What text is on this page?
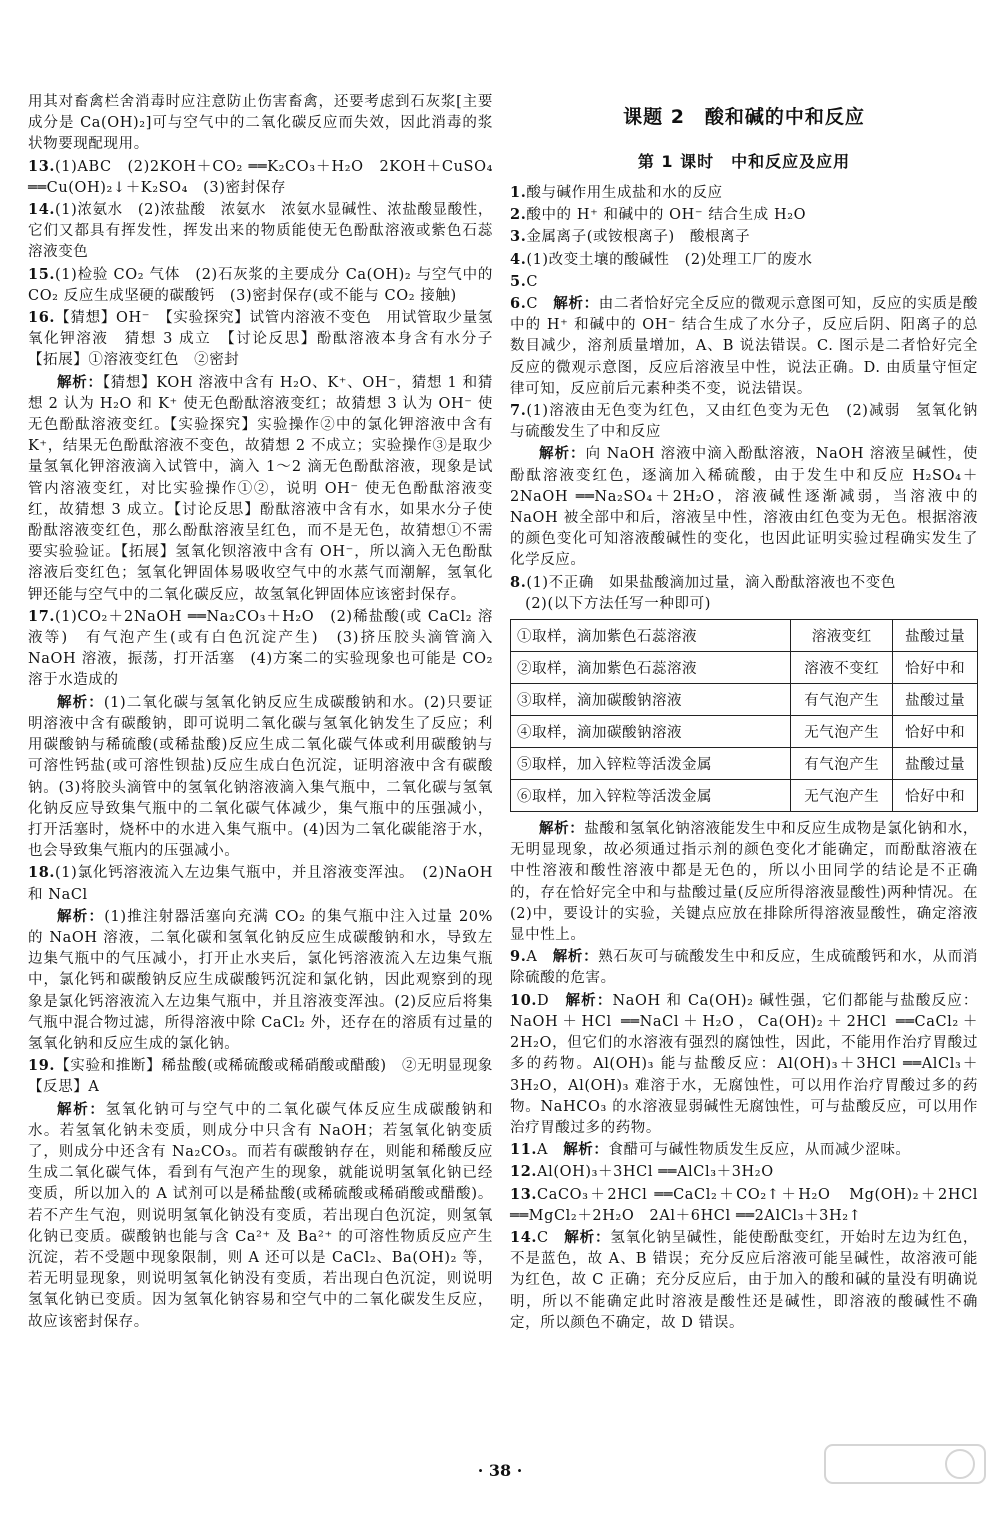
用其对畜禽栏舍消毒时应注意防止伤害畜禽，还要考虑到石灰浆[主要成分是 Ca(OH)₂]可与空气中的二氧化碳反应而失效，因此消毒的浆状物要现配现用。

13.(1)ABC　(2)2KOH＋CO₂ ══K₂CO₃＋H₂O　2KOH＋CuSO₄ ══Cu(OH)₂↓＋K₂SO₄　(3)密封保存

14.(1)浓氨水　(2)浓盐酸　浓氨水　浓氨水显碱性、浓盐酸显酸性，它们又都具有挥发性，挥发出来的物质能使无色酚酞溶液或紫色石蕊溶液变色

15.(1)检验 CO₂ 气体　(2)石灰浆的主要成分 Ca(OH)₂ 与空气中的 CO₂ 反应生成坚硬的碳酸钙　(3)密封保存(或不能与 CO₂ 接触)

16.【猜想】OH⁻　【实验探究】试管内溶液不变色　用试管取少量氢氧化钾溶液　猜想 3 成立　【讨论反思】酚酞溶液本身含有水分子　【拓展】①溶液变红色　②密封

解析：【猜想】KOH 溶液中含有 H₂O、K⁺、OH⁻，猜想 1 和猜想 2 认为 H₂O 和 K⁺ 使无色酚酞溶液变红；故猜想 3 认为 OH⁻ 使无色酚酞溶液变红。【实验探究】实验操作②中的氯化钾溶液中含有 K⁺，结果无色酚酞溶液不变色，故猜想 2 不成立；实验操作③是取少量氢氧化钾溶液滴入试管中，滴入 1～2 滴无色酚酞溶液，现象是试管内溶液变红，对比实验操作①②，说明 OH⁻ 使无色酚酞溶液变红，故猜想 3 成立。【讨论反思】酚酞溶液中含有水，如果水分子使酚酞溶液变红色，那么酚酞溶液呈红色，而不是无色，故猜想①不需要实验验证。【拓展】氢氧化钡溶液中含有 OH⁻，所以滴入无色酚酞溶液后变红色；氢氧化钾固体易吸收空气中的水蒸气而潮解，氢氧化钾还能与空气中的二氧化碳反应，故氢氧化钾固体应该密封保存。

17.(1)CO₂＋2NaOH ══Na₂CO₃＋H₂O　(2)稀盐酸(或 CaCl₂ 溶液等)　有气泡产生(或有白色沉淀产生)　(3)挤压胶头滴管滴入 NaOH 溶液，振荡，打开活塞　(4)方案二的实验现象也可能是 CO₂ 溶于水造成的

解析：(1)二氧化碳与氢氧化钠反应生成碳酸钠和水。(2)只要证明溶液中含有碳酸钠，即可说明二氧化碳与氢氧化钠发生了反应；利用碳酸钠与稀硫酸(或稀盐酸)反应生成二氧化碳气体或利用碳酸钠与可溶性钙盐(或可溶性钡盐)反应生成白色沉淀，证明溶液中含有碳酸钠。(3)将胶头滴管中的氢氧化钠溶液滴入集气瓶中，二氧化碳与氢氧化钠反应导致集气瓶中的二氧化碳气体减少，集气瓶中的压强减小，打开活塞时，烧杯中的水进入集气瓶中。(4)因为二氧化碳能溶于水，也会导致集气瓶内的压强减小。

18.(1)氯化钙溶液流入左边集气瓶中，并且溶液变浑浊。　(2)NaOH 和 NaCl

解析：(1)推注射器活塞向充满 CO₂ 的集气瓶中注入过量 20% 的 NaOH 溶液，二氧化碳和氢氧化钠反应生成碳酸钠和水，导致左边集气瓶中的气压减小，打开止水夹后，氯化钙溶液流入左边集气瓶中，氯化钙和碳酸钠反应生成碳酸钙沉淀和氯化钠，因此观察到的现象是氯化钙溶液流入左边集气瓶中，并且溶液变浑浊。(2)反应后将集气瓶中混合物过滤，所得溶液中除 CaCl₂ 外，还存在的溶质有过量的氢氧化钠和反应生成的氯化钠。

19.【实验和推断】稀盐酸(或稀硫酸或稀硝酸或醋酸)　②无明显现象　【反思】A

解析：氢氧化钠可与空气中的二氧化碳气体反应生成碳酸钠和水。若氢氧化钠未变质，则成分中只含有 NaOH；若氢氧化钠变质了，则成分中还含有 Na₂CO₃。而若有碳酸钠存在，则能和稀酸反应生成二氧化碳气体，看到有气泡产生的现象，就能说明氢氧化钠已经变质，所以加入的 A 试剂可以是稀盐酸(或稀硫酸或稀硝酸或醋酸)。若不产生气泡，则说明氢氧化钠没有变质，若出现白色沉淀，则氢氧化钠已变质。碳酸钠也能与含 Ca²⁺ 及 Ba²⁺ 的可溶性物质反应产生沉淀，若不受题中现象限制，则 A 还可以是 CaCl₂、Ba(OH)₂ 等，若无明显现象，则说明氢氧化钠没有变质，若出现白色沉淀，则说明氢氧化钠已变质。因为氢氧化钠容易和空气中的二氧化碳发生反应，故应该密封保存。

课题 2　酸和碱的中和反应
第 1 课时　中和反应及应用

1.酸与碱作用生成盐和水的反应

2.酸中的 H⁺ 和碱中的 OH⁻ 结合生成 H₂O

3.金属离子(或铵根离子)　酸根离子

4.(1)改变土壤的酸碱性　(2)处理工厂的废水

5.C

6.C　解析：由二者恰好完全反应的微观示意图可知，反应的实质是酸中的 H⁺ 和碱中的 OH⁻ 结合生成了水分子，反应后阴、阳离子的总数目减少，溶剂质量增加，A、B 说法错误。C. 图示是二者恰好完全反应的微观示意图，反应后溶液呈中性，说法正确。D. 由质量守恒定律可知，反应前后元素种类不变，说法错误。

7.(1)溶液由无色变为红色，又由红色变为无色　(2)减弱　氢氧化钠与硫酸发生了中和反应

解析：向 NaOH 溶液中滴入酚酞溶液，NaOH 溶液呈碱性，使酚酞溶液变红色，逐滴加入稀硫酸，由于发生中和反应 H₂SO₄＋2NaOH ══Na₂SO₄＋2H₂O，溶液碱性逐渐减弱，当溶液中的 NaOH 被全部中和后，溶液呈中性，溶液由红色变为无色。根据溶液的颜色变化可知溶液酸碱性的变化，也因此证明实验过程确实发生了化学反应。

8.(1)不正确　如果盐酸滴加过量，滴入酚酞溶液也不变色

　(2)(以下方法任写一种即可)

①取样，滴加紫色石蕊溶液	溶液变红	盐酸过量
②取样，滴加紫色石蕊溶液	溶液不变红	恰好中和
③取样，滴加碳酸钠溶液	有气泡产生	盐酸过量
④取样，滴加碳酸钠溶液	无气泡产生	恰好中和
⑤取样，加入锌粒等活泼金属	有气泡产生	盐酸过量
⑥取样，加入锌粒等活泼金属	无气泡产生	恰好中和

解析：盐酸和氢氧化钠溶液能发生中和反应生成物是氯化钠和水，无明显现象，故必须通过指示剂的颜色变化才能确定，而酚酞溶液在中性溶液和酸性溶液中都是无色的，所以小田同学的结论是不正确的，存在恰好完全中和与盐酸过量(反应所得溶液显酸性)两种情况。在(2)中，要设计的实验，关键点应放在排除所得溶液显酸性，确定溶液显中性上。

9.A　解析：熟石灰可与硫酸发生中和反应，生成硫酸钙和水，从而消除硫酸的危害。

10.D　解析：NaOH 和 Ca(OH)₂ 碱性强，它们都能与盐酸反应：NaOH＋HCl ══NaCl＋H₂O，Ca(OH)₂＋2HCl ══CaCl₂＋2H₂O，但它们的水溶液有强烈的腐蚀性，因此，不能用作治疗胃酸过多的药物。Al(OH)₃ 能与盐酸反应：Al(OH)₃＋3HCl ══AlCl₃＋3H₂O，Al(OH)₃ 难溶于水，无腐蚀性，可以用作治疗胃酸过多的药物。NaHCO₃ 的水溶液显弱碱性无腐蚀性，可与盐酸反应，可以用作治疗胃酸过多的药物。

11.A　解析：食醋可与碱性物质发生反应，从而减少涩味。

12.Al(OH)₃＋3HCl ══AlCl₃＋3H₂O

13.CaCO₃＋2HCl ══CaCl₂＋CO₂↑＋H₂O　Mg(OH)₂＋2HCl ══MgCl₂＋2H₂O　2Al＋6HCl ══2AlCl₃＋3H₂↑

14.C　解析：氢氧化钠呈碱性，能使酚酞变红，开始时左边为红色，不是蓝色，故 A、B 错误；充分反应后溶液可能呈碱性，故溶液可能为红色，故 C 正确；充分反应后，由于加入的酸和碱的量没有明确说明，所以不能确定此时溶液是酸性还是碱性，即溶液的酸碱性不确定，所以颜色不确定，故 D 错误。

· 38 ·
